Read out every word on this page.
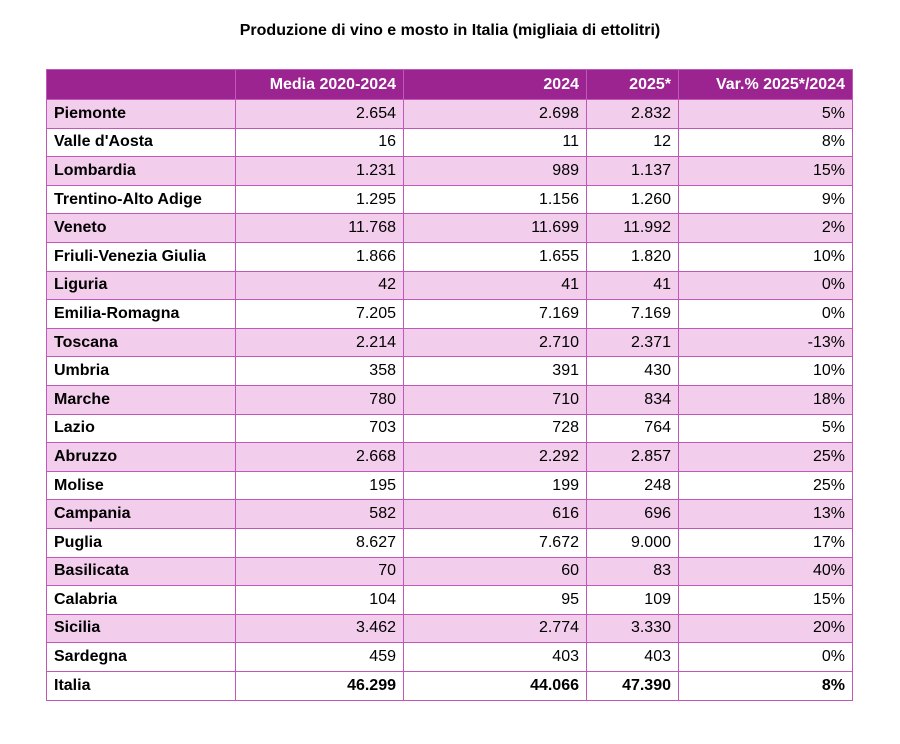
Produzione di vino e mosto in Italia (migliaia di ettolitri)
	Media 2020-2024	2024	2025*	Var.% 2025*/2024
Piemonte	2.654	2.698	2.832	5%
Valle d'Aosta	16	11	12	8%
Lombardia	1.231	989	1.137	15%
Trentino-Alto Adige	1.295	1.156	1.260	9%
Veneto	11.768	11.699	11.992	2%
Friuli-Venezia Giulia	1.866	1.655	1.820	10%
Liguria	42	41	41	0%
Emilia-Romagna	7.205	7.169	7.169	0%
Toscana	2.214	2.710	2.371	-13%
Umbria	358	391	430	10%
Marche	780	710	834	18%
Lazio	703	728	764	5%
Abruzzo	2.668	2.292	2.857	25%
Molise	195	199	248	25%
Campania	582	616	696	13%
Puglia	8.627	7.672	9.000	17%
Basilicata	70	60	83	40%
Calabria	104	95	109	15%
Sicilia	3.462	2.774	3.330	20%
Sardegna	459	403	403	0%
Italia	46.299	44.066	47.390	8%
